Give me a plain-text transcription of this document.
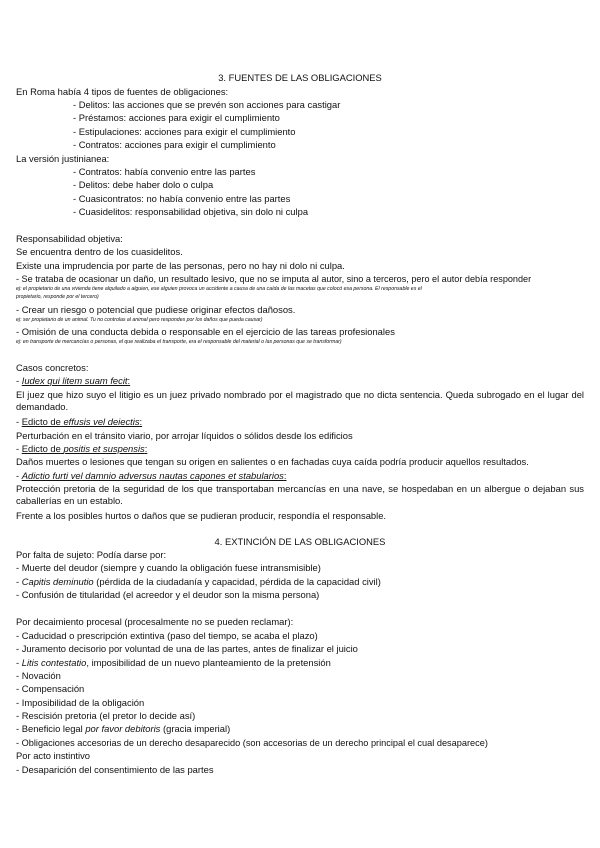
3. FUENTES DE LAS OBLIGACIONES
En Roma había 4 tipos de fuentes de obligaciones:
- Delitos: las acciones que se prevén son acciones para castigar
- Préstamos: acciones para exigir el cumplimiento
- Estipulaciones: acciones para exigir el cumplimiento
- Contratos: acciones para exigir el cumplimiento
La versión justinianea:
- Contratos: había convenio entre las partes
- Delitos: debe haber dolo o culpa
- Cuasicontratos: no había convenio entre las partes
- Cuasidelitos: responsabilidad objetiva, sin dolo ni culpa
Responsabilidad objetiva:
Se encuentra dentro de los cuasidelitos.
Existe una imprudencia por parte de las personas, pero no hay ni dolo ni culpa.
- Se trataba de ocasionar un daño, un resultado lesivo, que no se imputa al autor, sino a terceros, pero el autor debía responder
ej: el propietario de una vivienda tiene alquilado a alguien, ese alguien provoca un accidente a causa de una caída de las macetas que colocó esa persona. El responsable es el
propietario, responde por el tercero)
- Crear un riesgo o potencial que pudiese originar efectos dañosos.
ej: ser propietario de un animal. Tu no controlas al animal pero respondes por los daños que pueda causar)
- Omisión de una conducta debida o responsable en el ejercicio de las tareas profesionales
ej: en transporte de mercancías o personas, el que realizaba el transporte, era el responsable del material o las personas que se transformar)
Casos concretos:
- Iudex qui litem suam fecit:
El juez que hizo suyo el litigio es un juez privado nombrado por el magistrado que no dicta sentencia. Queda subrogado en el lugar del demandado.
- Edicto de effusis vel deiectis:
Perturbación en el tránsito viario, por arrojar líquidos o sólidos desde los edificios
- Edicto de positis et suspensis:
Daños muertes o lesiones que tengan su origen en salientes o en fachadas cuya caída podría producir aquellos resultados.
- Adictio furti vel damnio adversus nautas capones et stabularios:
Protección pretoria de la seguridad de los que transportaban mercancías en una nave, se hospedaban en un albergue o dejaban sus caballerías en un establo.
Frente a los posibles hurtos o daños que se pudieran producir, respondía el responsable.
4. EXTINCIÓN DE LAS OBLIGACIONES
Por falta de sujeto: Podía darse por:
- Muerte del deudor (siempre y cuando la obligación fuese intransmisible)
- Capitis deminutio (pérdida de la ciudadanía y capacidad, pérdida de la capacidad civil)
- Confusión de titularidad (el acreedor y el deudor son la misma persona)
Por decaimiento procesal (procesalmente no se pueden reclamar):
- Caducidad o prescripción extintiva (paso del tiempo, se acaba el plazo)
- Juramento decisorio por voluntad de una de las partes, antes de finalizar el juicio
- Litis contestatio, imposibilidad de un nuevo planteamiento de la pretensión
- Novación
- Compensación
- Imposibilidad de la obligación
- Rescisión pretoria (el pretor lo decide así)
- Beneficio legal por favor debitoris (gracia imperial)
- Obligaciones accesorias de un derecho desaparecido (son accesorias de un derecho principal el cual desaparece)
Por acto instintivo
- Desaparición del consentimiento de las partes
